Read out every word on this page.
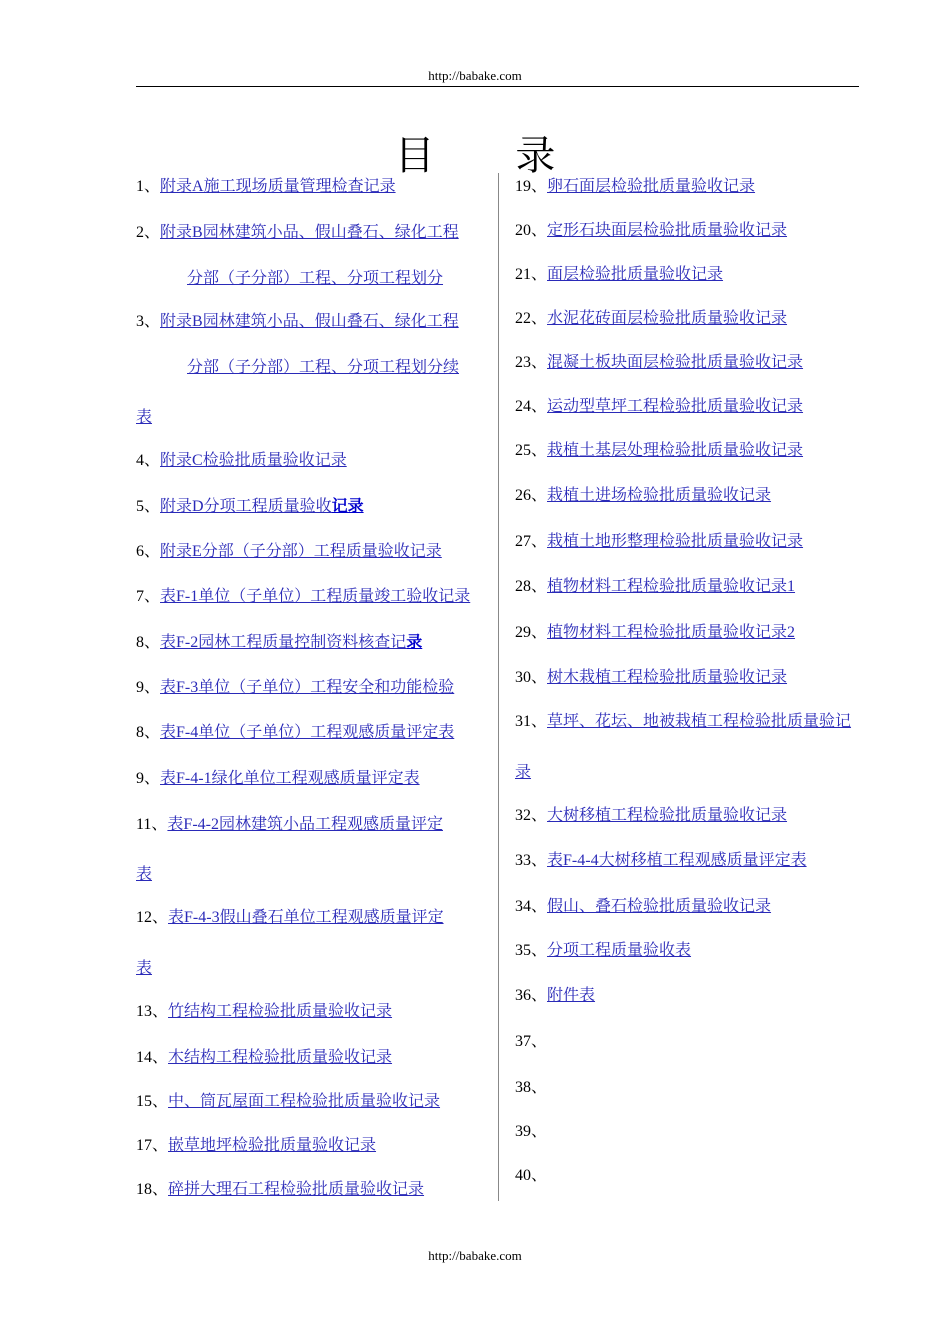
http://babake.com
目 录
1、附录A施工现场质量管理检查记录
2、附录B园林建筑小品、假山叠石、绿化工程
分部（子分部）工程、分项工程划分
3、附录B园林建筑小品、假山叠石、绿化工程
分部（子分部）工程、分项工程划分续
表
4、附录C检验批质量验收记录
5、附录D分项工程质量验收记录
6、附录E分部（子分部）工程质量验收记录
7、表F-1单位（子单位）工程质量竣工验收记录
8、表F-2园林工程质量控制资料核查记录
9、表F-3单位（子单位）工程安全和功能检验
8、表F-4单位（子单位）工程观感质量评定表
9、表F-4-1绿化单位工程观感质量评定表
11、表F-4-2园林建筑小品工程观感质量评定
表
12、表F-4-3假山叠石单位工程观感质量评定
表
13、竹结构工程检验批质量验收记录
14、木结构工程检验批质量验收记录
15、中、筒瓦屋面工程检验批质量验收记录
17、嵌草地坪检验批质量验收记录
18、碎拼大理石工程检验批质量验收记录
19、卵石面层检验批质量验收记录
20、定形石块面层检验批质量验收记录
21、面层检验批质量验收记录
22、水泥花砖面层检验批质量验收记录
23、混凝土板块面层检验批质量验收记录
24、运动型草坪工程检验批质量验收记录
25、栽植土基层处理检验批质量验收记录
26、栽植土进场检验批质量验收记录
27、栽植土地形整理检验批质量验收记录
28、植物材料工程检验批质量验收记录1
29、植物材料工程检验批质量验收记录2
30、树木栽植工程检验批质量验收记录
31、草坪、花坛、地被栽植工程检验批质量验记
录
32、大树移植工程检验批质量验收记录
33、表F-4-4大树移植工程观感质量评定表
34、假山、叠石检验批质量验收记录
35、分项工程质量验收表
36、附件表
37、
38、
39、
40、
http://babake.com
